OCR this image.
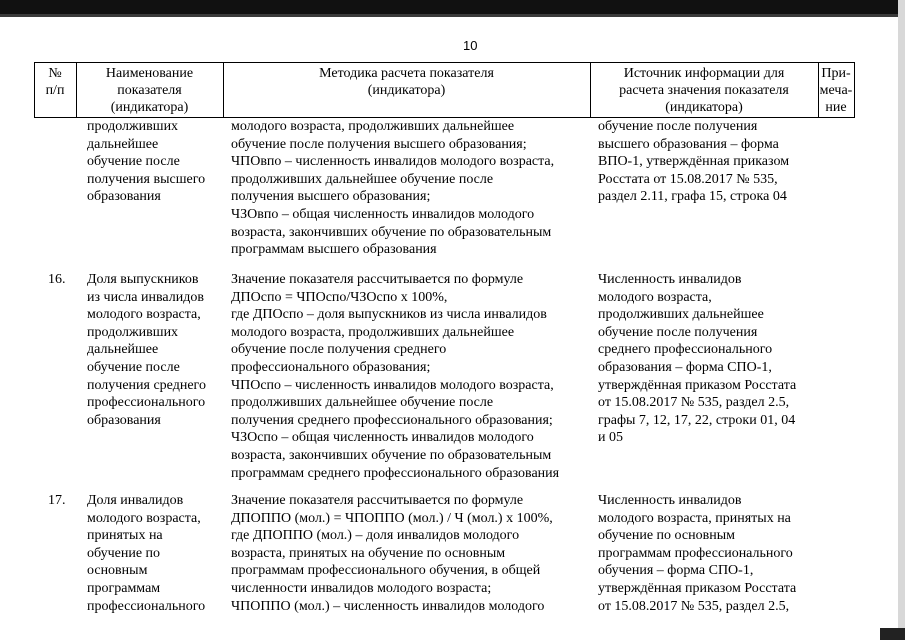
10
№
п/п
Наименование
показателя
(индикатора)
Методика расчета показателя
(индикатора)
Источник информации для
расчета значения показателя
(индикатора)
При-
меча-
ние
продолживших
дальнейшее
обучение после
получения высшего
образования
молодого возраста, продолживших дальнейшее
обучение после получения высшего образования;
ЧПОвпо – численность инвалидов молодого возраста,
продолживших дальнейшее обучение после
получения высшего образования;
ЧЗОвпо – общая численность инвалидов молодого
возраста, закончивших обучение по образовательным
программам высшего образования
обучение после получения
высшего образования – форма
ВПО-1, утверждённая приказом
Росстата от 15.08.2017 № 535,
раздел 2.11, графа 15, строка 04
16. Доля выпускников
из числа инвалидов
молодого возраста,
продолживших
дальнейшее
обучение после
получения среднего
профессионального
образования
Значение показателя рассчитывается по формуле
ДПОспо = ЧПОспо/ЧЗОспо х 100%,
где ДПОспо – доля выпускников из числа инвалидов
молодого возраста, продолживших дальнейшее
обучение после получения среднего
профессионального образования;
ЧПОспо – численность инвалидов молодого возраста,
продолживших дальнейшее обучение после
получения среднего профессионального образования;
ЧЗОспо – общая численность инвалидов молодого
возраста, закончивших обучение по образовательным
программам среднего профессионального образования
Численность инвалидов
молодого возраста,
продолживших дальнейшее
обучение после получения
среднего профессионального
образования – форма СПО-1,
утверждённая приказом Росстата
от 15.08.2017 № 535, раздел 2.5,
графы 7, 12, 17, 22, строки 01, 04
и 05
17. Доля инвалидов
молодого возраста,
принятых на
обучение по
основным
программам
профессионального
Значение показателя рассчитывается по формуле
ДПОППО (мол.) = ЧПОППО (мол.) / Ч (мол.) х 100%,
где ДПОППО (мол.) – доля инвалидов молодого
возраста, принятых на обучение по основным
программам профессионального обучения, в общей
численности инвалидов молодого возраста;
ЧПОППО (мол.) – численность инвалидов молодого
Численность инвалидов
молодого возраста, принятых на
обучение по основным
программам профессионального
обучения – форма СПО-1,
утверждённая приказом Росстата
от 15.08.2017 № 535, раздел 2.5,
